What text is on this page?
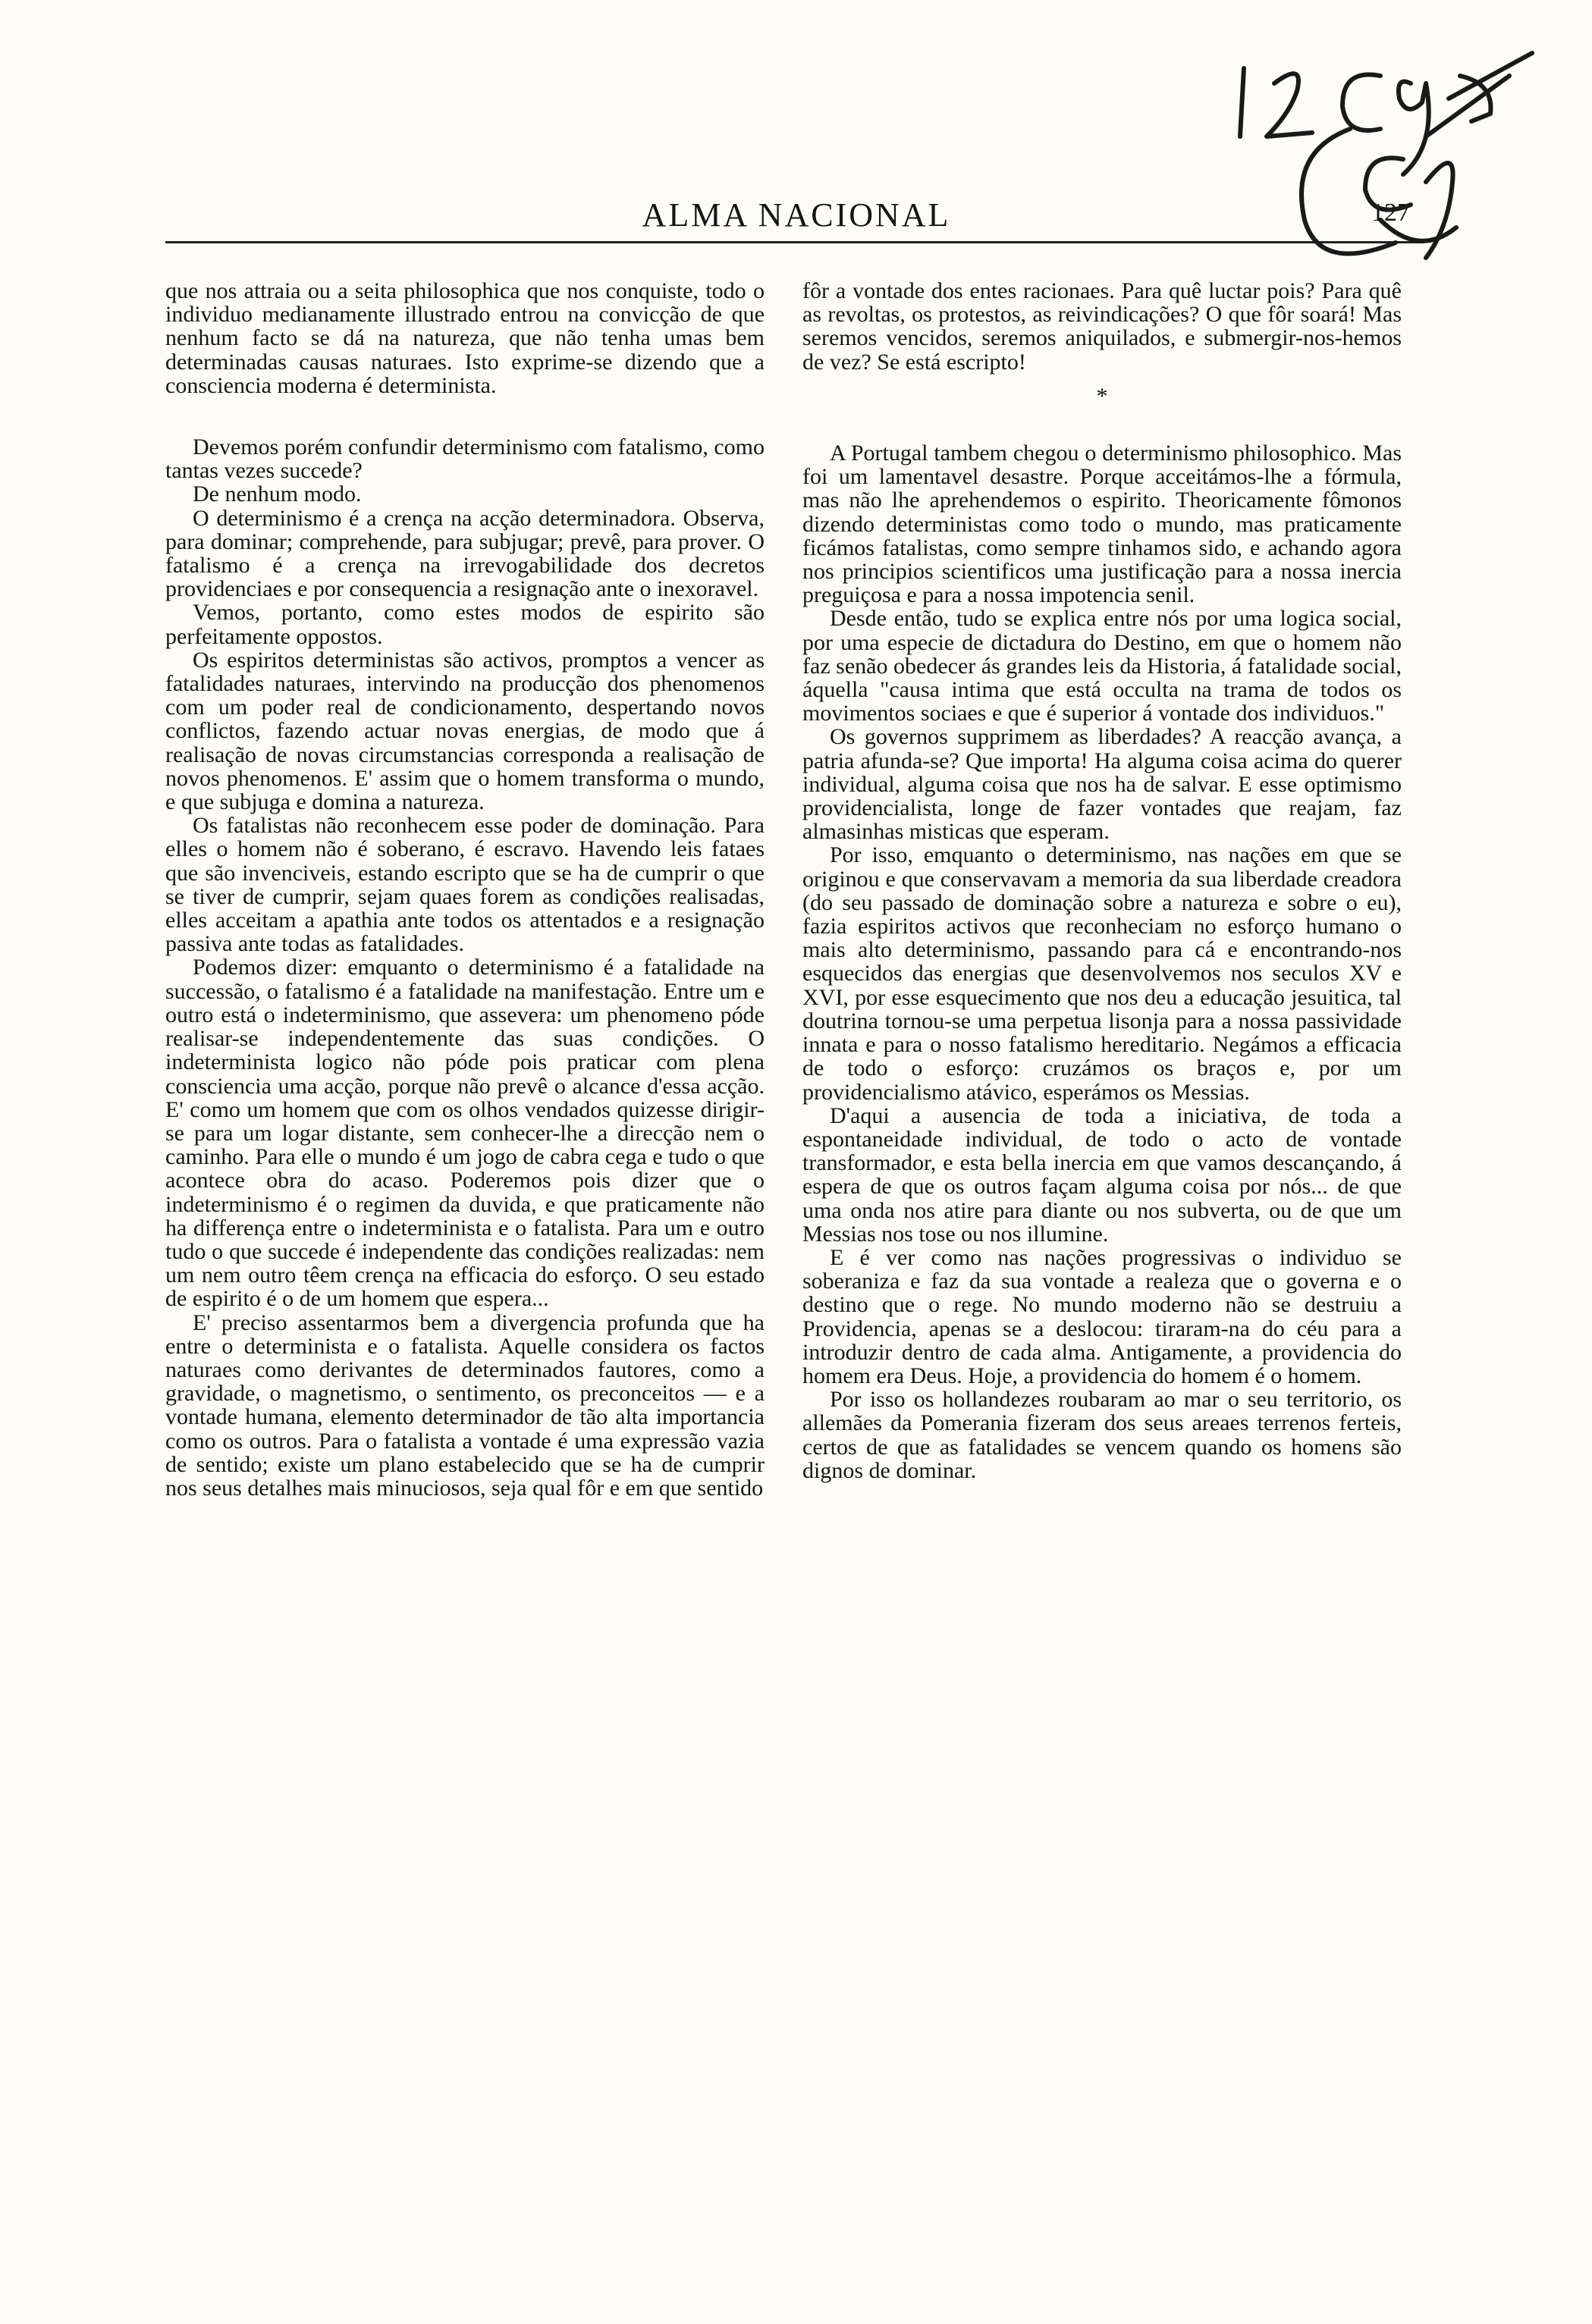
ALMA NACIONAL	127

que nos attraia ou a seita philosophica que nos conquiste, todo o individuo medianamente illustrado entrou na convicção de que nenhum facto se dá na natureza, que não tenha umas bem determinadas causas naturaes. Isto exprime-se dizendo que a consciencia moderna é determinista.

Devemos porém confundir determinismo com fatalismo, como tantas vezes succede?

De nenhum modo.

O determinismo é a crença na acção determinadora. Observa, para dominar; comprehende, para subjugar; prevê, para prover. O fatalismo é a crença na irrevogabilidade dos decretos providenciaes e por consequencia a resignação ante o inexoravel.

Vemos, portanto, como estes modos de espirito são perfeitamente oppostos.

Os espiritos deterministas são activos, promptos a vencer as fatalidades naturaes, intervindo na producção dos phenomenos com um poder real de condicionamento, despertando novos conflictos, fazendo actuar novas energias, de modo que á realisação de novas circumstancias corresponda a realisação de novos phenomenos. E' assim que o homem transforma o mundo, e que subjuga e domina a natureza.

Os fatalistas não reconhecem esse poder de dominação. Para elles o homem não é soberano, é escravo. Havendo leis fataes que são invenciveis, estando escripto que se ha de cumprir o que se tiver de cumprir, sejam quaes forem as condições realisadas, elles acceitam a apathia ante todos os attentados e a resignação passiva ante todas as fatalidades.

Podemos dizer: emquanto o determinismo é a fatalidade na successão, o fatalismo é a fatalidade na manifestação. Entre um e outro está o indeterminismo, que assevera: um phenomeno póde realisar-se independentemente das suas condições. O indeterminista logico não póde pois praticar com plena consciencia uma acção, porque não prevê o alcance d'essa acção. E' como um homem que com os olhos vendados quizesse dirigir-se para um logar distante, sem conhecer-lhe a direcção nem o caminho. Para elle o mundo é um jogo de cabra cega e tudo o que acontece obra do acaso. Poderemos pois dizer que o indeterminismo é o regimen da duvida, e que praticamente não ha differença entre o indeterminista e o fatalista. Para um e outro tudo o que succede é independente das condições realizadas: nem um nem outro têem crença na efficacia do esforço. O seu estado de espirito é o de um homem que espera...

E' preciso assentarmos bem a divergencia profunda que ha entre o determinista e o fatalista. Aquelle considera os factos naturaes como derivantes de determinados fautores, como a gravidade, o magnetismo, o sentimento, os preconceitos — e a vontade humana, elemento determinador de tão alta importancia como os outros. Para o fatalista a vontade é uma expressão vazia de sentido; existe um plano estabelecido que se ha de cumprir nos seus detalhes mais minuciosos, seja qual fôr e em que sentido

fôr a vontade dos entes racionaes. Para quê luctar pois? Para quê as revoltas, os protestos, as reivindicações? O que fôr soará! Mas seremos vencidos, seremos aniquilados, e submergir-nos-hemos de vez? Se está escripto!

*

A Portugal tambem chegou o determinismo philosophico. Mas foi um lamentavel desastre. Porque acceitámos-lhe a fórmula, mas não lhe aprehendemos o espirito. Theoricamente fômonos dizendo deterministas como todo o mundo, mas praticamente ficámos fatalistas, como sempre tinhamos sido, e achando agora nos principios scientificos uma justificação para a nossa inercia preguiçosa e para a nossa impotencia senil.

Desde então, tudo se explica entre nós por uma logica social, por uma especie de dictadura do Destino, em que o homem não faz senão obedecer ás grandes leis da Historia, á fatalidade social, áquella "causa intima que está occulta na trama de todos os movimentos sociaes e que é superior á vontade dos individuos."

Os governos supprimem as liberdades? A reacção avança, a patria afunda-se? Que importa! Ha alguma coisa acima do querer individual, alguma coisa que nos ha de salvar. E esse optimismo providencialista, longe de fazer vontades que reajam, faz almasinhas misticas que esperam.

Por isso, emquanto o determinismo, nas nações em que se originou e que conservavam a memoria da sua liberdade creadora (do seu passado de dominação sobre a natureza e sobre o eu), fazia espiritos activos que reconheciam no esforço humano o mais alto determinismo, passando para cá e encontrando-nos esquecidos das energias que desenvolvemos nos seculos XV e XVI, por esse esquecimento que nos deu a educação jesuitica, tal doutrina tornou-se uma perpetua lisonja para a nossa passividade innata e para o nosso fatalismo hereditario. Negámos a efficacia de todo o esforço: cruzámos os braços e, por um providencialismo atávico, esperámos os Messias.

D'aqui a ausencia de toda a iniciativa, de toda a espontaneidade individual, de todo o acto de vontade transformador, e esta bella inercia em que vamos descançando, á espera de que os outros façam alguma coisa por nós... de que uma onda nos atire para diante ou nos subverta, ou de que um Messias nos tose ou nos illumine.

E é ver como nas nações progressivas o individuo se soberaniza e faz da sua vontade a realeza que o governa e o destino que o rege. No mundo moderno não se destruiu a Providencia, apenas se a deslocou: tiraram-na do céu para a introduzir dentro de cada alma. Antigamente, a providencia do homem era Deus. Hoje, a providencia do homem é o homem.

Por isso os hollandezes roubaram ao mar o seu territorio, os allemães da Pomerania fizeram dos seus areaes terrenos ferteis, certos de que as fatalidades se vencem quando os homens são dignos de dominar.
